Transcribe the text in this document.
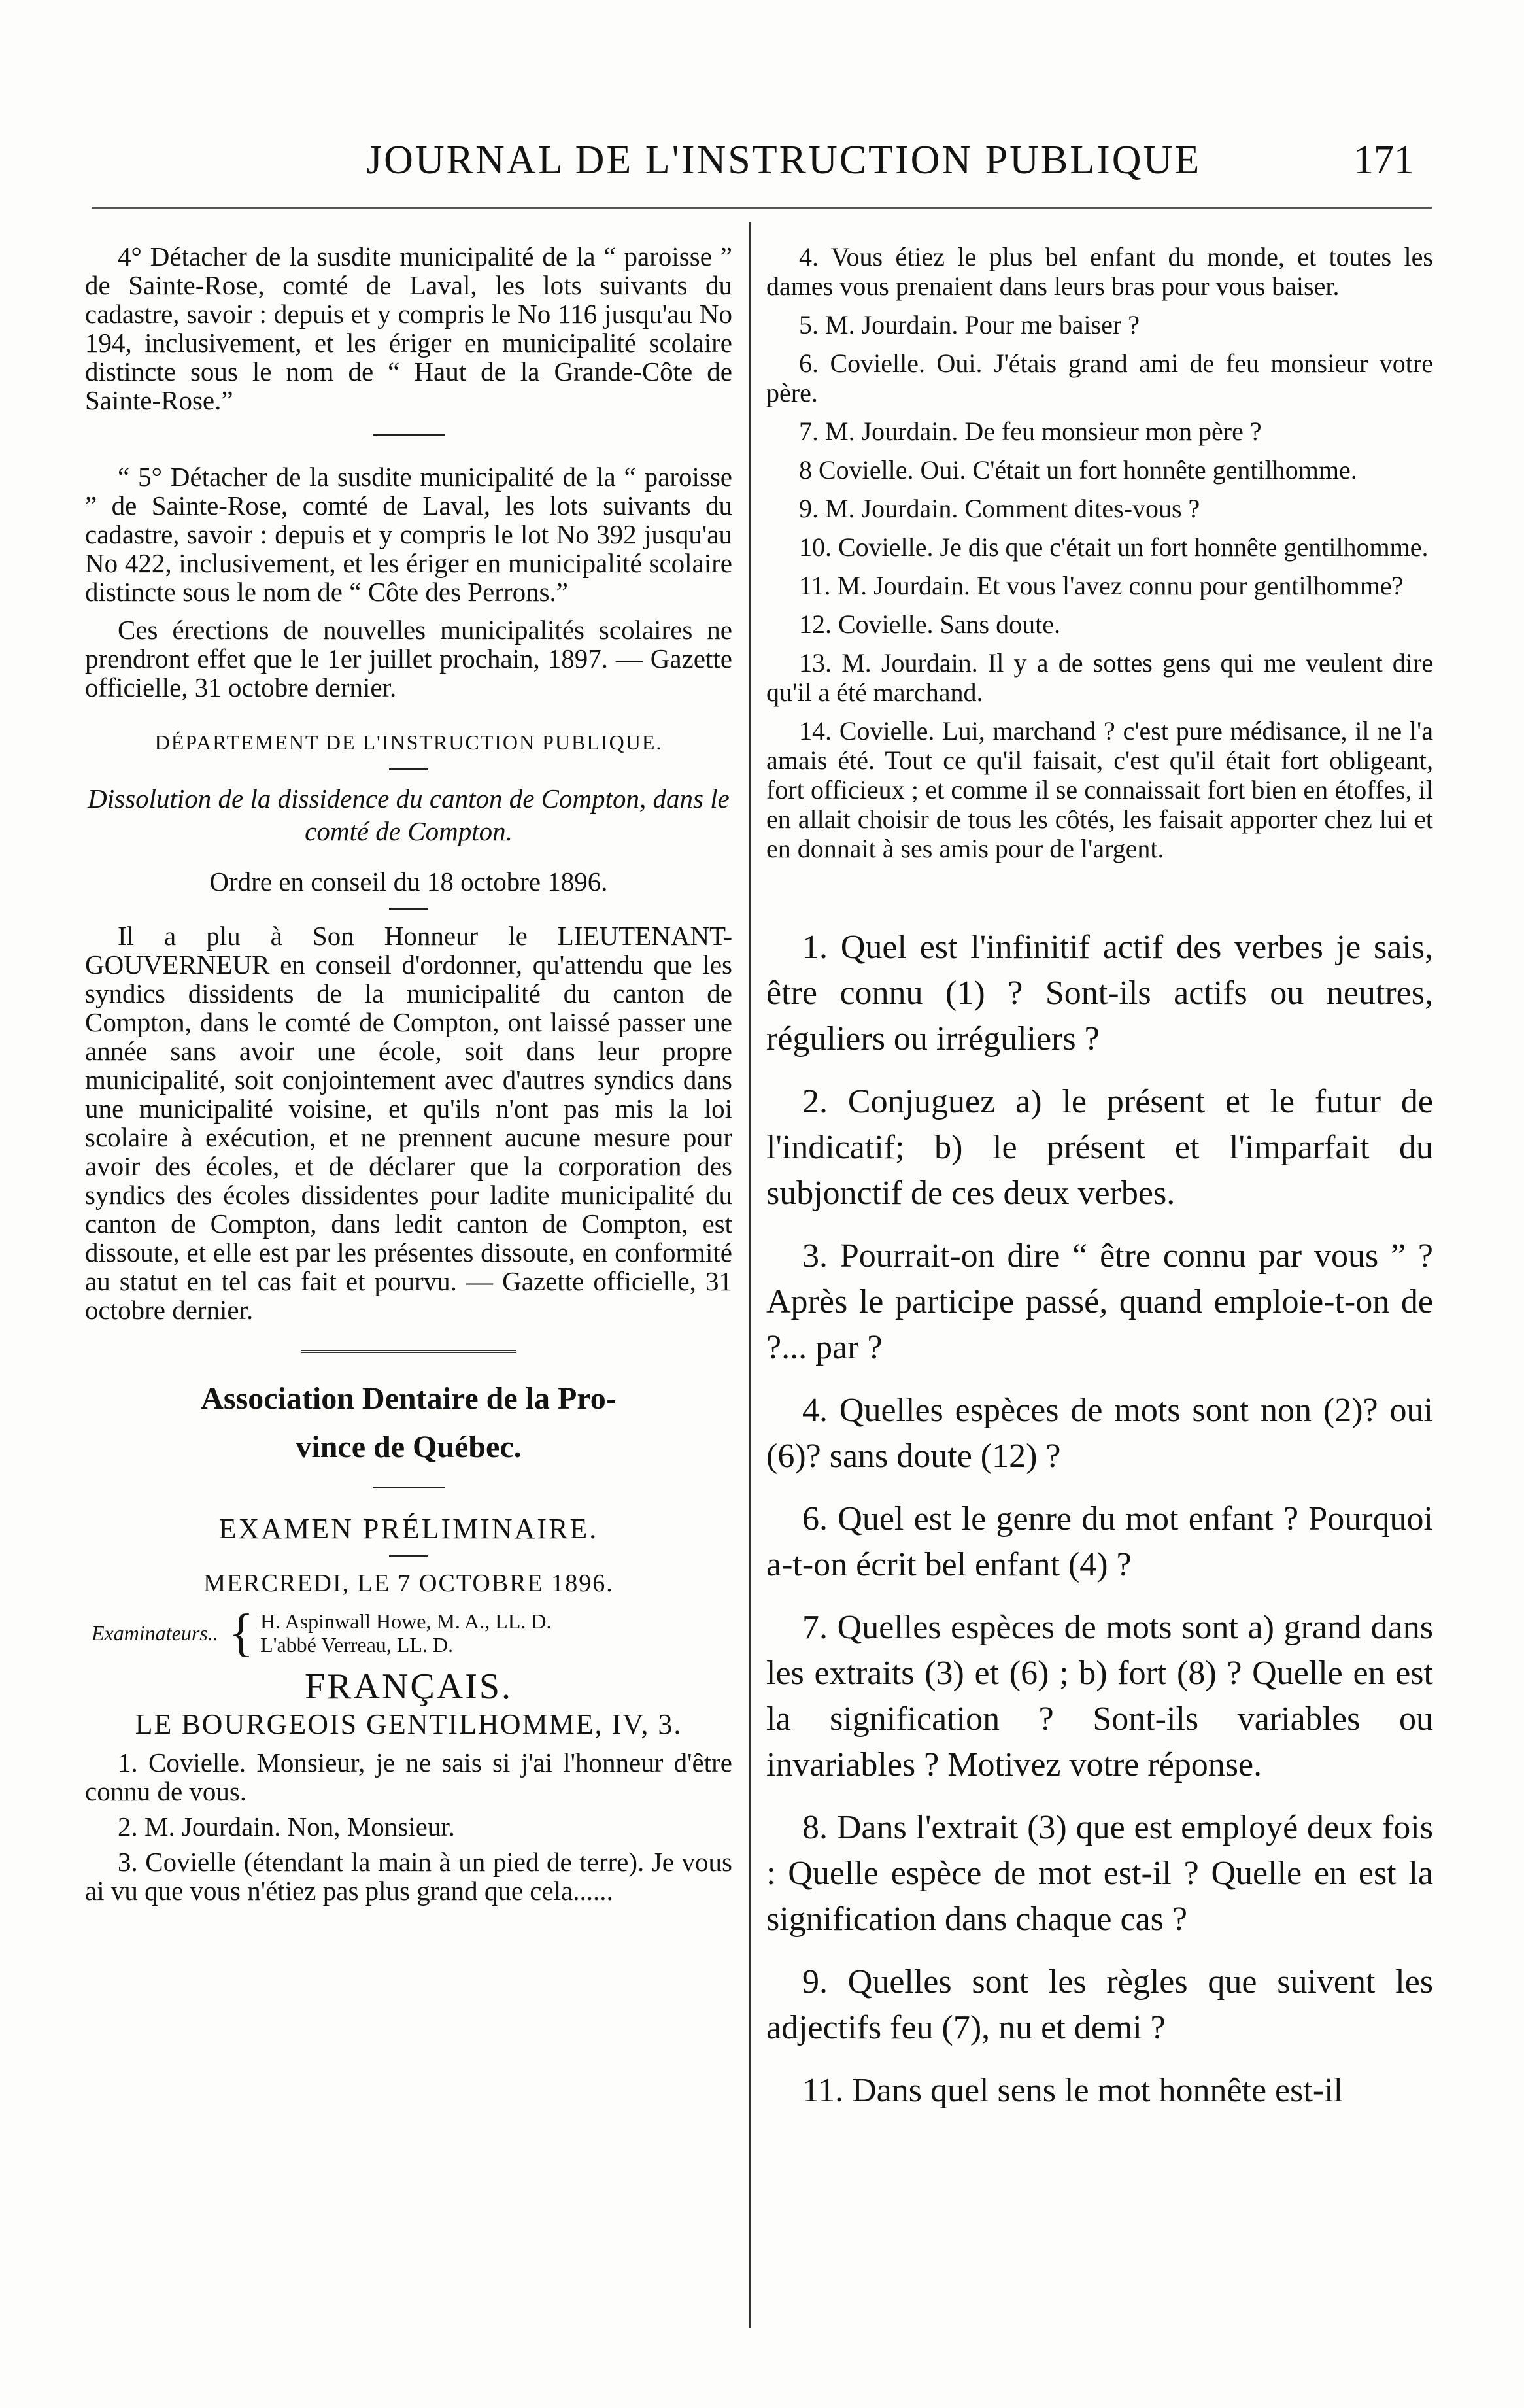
JOURNAL DE L'INSTRUCTION PUBLIQUE	171

4° Détacher de la susdite municipalité de la “ paroisse ” de Sainte-Rose, comté de Laval, les lots suivants du cadastre, savoir : depuis et y compris le No 116 jusqu'au No 194, inclusivement, et les ériger en municipalité scolaire distincte sous le nom de “ Haut de la Grande-Côte de Sainte-Rose.”

“ 5° Détacher de la susdite municipalité de la “ paroisse ” de Sainte-Rose, comté de Laval, les lots suivants du cadastre, savoir : depuis et y compris le lot No 392 jusqu'au No 422, inclusivement, et les ériger en municipalité scolaire distincte sous le nom de “ Côte des Perrons.”

Ces érections de nouvelles municipalités scolaires ne prendront effet que le 1er juillet prochain, 1897. — Gazette officielle, 31 octobre dernier.

DÉPARTEMENT DE L'INSTRUCTION PUBLIQUE.

Dissolution de la dissidence du canton de Compton, dans le comté de Compton.

Ordre en conseil du 18 octobre 1896.

Il a plu à Son Honneur le LIEUTENANT-GOUVERNEUR en conseil d'ordonner, qu'attendu que les syndics dissidents de la municipalité du canton de Compton, dans le comté de Compton, ont laissé passer une année sans avoir une école, soit dans leur propre municipalité, soit conjointement avec d'autres syndics dans une municipalité voisine, et qu'ils n'ont pas mis la loi scolaire à exécution, et ne prennent aucune mesure pour avoir des écoles, et de déclarer que la corporation des syndics des écoles dissidentes pour ladite municipalité du canton de Compton, dans ledit canton de Compton, est dissoute, et elle est par les présentes dissoute, en conformité au statut en tel cas fait et pourvu. — Gazette officielle, 31 octobre dernier.

Association Dentaire de la Pro-

vince de Québec.

EXAMEN PRÉLIMINAIRE.

MERCREDI, LE 7 OCTOBRE 1896.

Examinateurs.. { H. Aspinwall Howe, M. A., LL. D.
L'abbé Verreau, LL. D.

FRANÇAIS.

LE BOURGEOIS GENTILHOMME, IV, 3.

1. Covielle. Monsieur, je ne sais si j'ai l'honneur d'être connu de vous.

2. M. Jourdain. Non, Monsieur.

3. Covielle (étendant la main à un pied de terre). Je vous ai vu que vous n'étiez pas plus grand que cela......

4. Vous étiez le plus bel enfant du monde, et toutes les dames vous prenaient dans leurs bras pour vous baiser.

5. M. Jourdain. Pour me baiser ?

6. Covielle. Oui. J'étais grand ami de feu monsieur votre père.

7. M. Jourdain. De feu monsieur mon père ?

8 Covielle. Oui. C'était un fort honnête gentilhomme.

9. M. Jourdain. Comment dites-vous ?

10. Covielle. Je dis que c'était un fort honnête gentilhomme.

11. M. Jourdain. Et vous l'avez connu pour gentilhomme?

12. Covielle. Sans doute.

13. M. Jourdain. Il y a de sottes gens qui me veulent dire qu'il a été marchand.

14. Covielle. Lui, marchand ? c'est pure médisance, il ne l'a amais été. Tout ce qu'il faisait, c'est qu'il était fort obligeant, fort officieux ; et comme il se connaissait fort bien en étoffes, il en allait choisir de tous les côtés, les faisait apporter chez lui et en donnait à ses amis pour de l'argent.

1. Quel est l'infinitif actif des verbes je sais, être connu (1) ? Sont-ils actifs ou neutres, réguliers ou irréguliers ?

2. Conjuguez a) le présent et le futur de l'indicatif; b) le présent et l'imparfait du subjonctif de ces deux verbes.

3. Pourrait-on dire “ être connu par vous ” ? Après le participe passé, quand emploie-t-on de ?... par ?

4. Quelles espèces de mots sont non (2)? oui (6)? sans doute (12) ?

6. Quel est le genre du mot enfant ? Pourquoi a-t-on écrit bel enfant (4) ?

7. Quelles espèces de mots sont a) grand dans les extraits (3) et (6) ; b) fort (8) ? Quelle en est la signification ? Sont-ils variables ou invariables ? Motivez votre réponse.

8. Dans l'extrait (3) que est employé deux fois : Quelle espèce de mot est-il ? Quelle en est la signification dans chaque cas ?

9. Quelles sont les règles que suivent les adjectifs feu (7), nu et demi ?

11. Dans quel sens le mot honnête est-il
